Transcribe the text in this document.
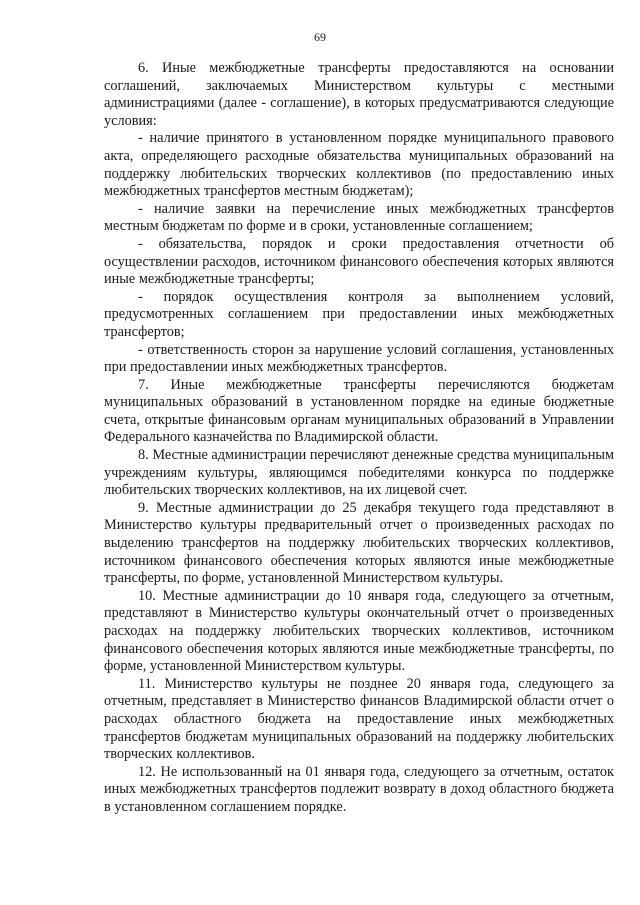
69

6. Иные межбюджетные трансферты предоставляются на основании соглашений, заключаемых Министерством культуры с местными администрациями (далее - соглашение), в которых предусматриваются следующие условия:

- наличие принятого в установленном порядке муниципального правового акта, определяющего расходные обязательства муниципальных образований на поддержку любительских творческих коллективов (по предоставлению иных межбюджетных трансфертов местным бюджетам);

- наличие заявки на перечисление иных межбюджетных трансфертов местным бюджетам по форме и в сроки, установленные соглашением;

- обязательства, порядок и сроки предоставления отчетности об осуществлении расходов, источником финансового обеспечения которых являются иные межбюджетные трансферты;

- порядок осуществления контроля за выполнением условий, предусмотренных соглашением при предоставлении иных межбюджетных трансфертов;

- ответственность сторон за нарушение условий соглашения, установленных при предоставлении иных межбюджетных трансфертов.

7. Иные межбюджетные трансферты перечисляются бюджетам муниципальных образований в установленном порядке на единые бюджетные счета, открытые финансовым органам муниципальных образований в Управлении Федерального казначейства по Владимирской области.

8. Местные администрации перечисляют денежные средства муниципальным учреждениям культуры, являющимся победителями конкурса по поддержке любительских творческих коллективов, на их лицевой счет.

9. Местные администрации до 25 декабря текущего года представляют в Министерство культуры предварительный отчет о произведенных расходах по выделению трансфертов на поддержку любительских творческих коллективов, источником финансового обеспечения которых являются иные межбюджетные трансферты, по форме, установленной Министерством культуры.

10. Местные администрации до 10 января года, следующего за отчетным, представляют в Министерство культуры окончательный отчет о произведенных расходах на поддержку любительских творческих коллективов, источником финансового обеспечения которых являются иные межбюджетные трансферты, по форме, установленной Министерством культуры.

11. Министерство культуры не позднее 20 января года, следующего за отчетным, представляет в Министерство финансов Владимирской области отчет о расходах областного бюджета на предоставление иных межбюджетных трансфертов бюджетам муниципальных образований на поддержку любительских творческих коллективов.

12. Не использованный на 01 января года, следующего за отчетным, остаток иных межбюджетных трансфертов подлежит возврату в доход областного бюджета в установленном соглашением порядке.
